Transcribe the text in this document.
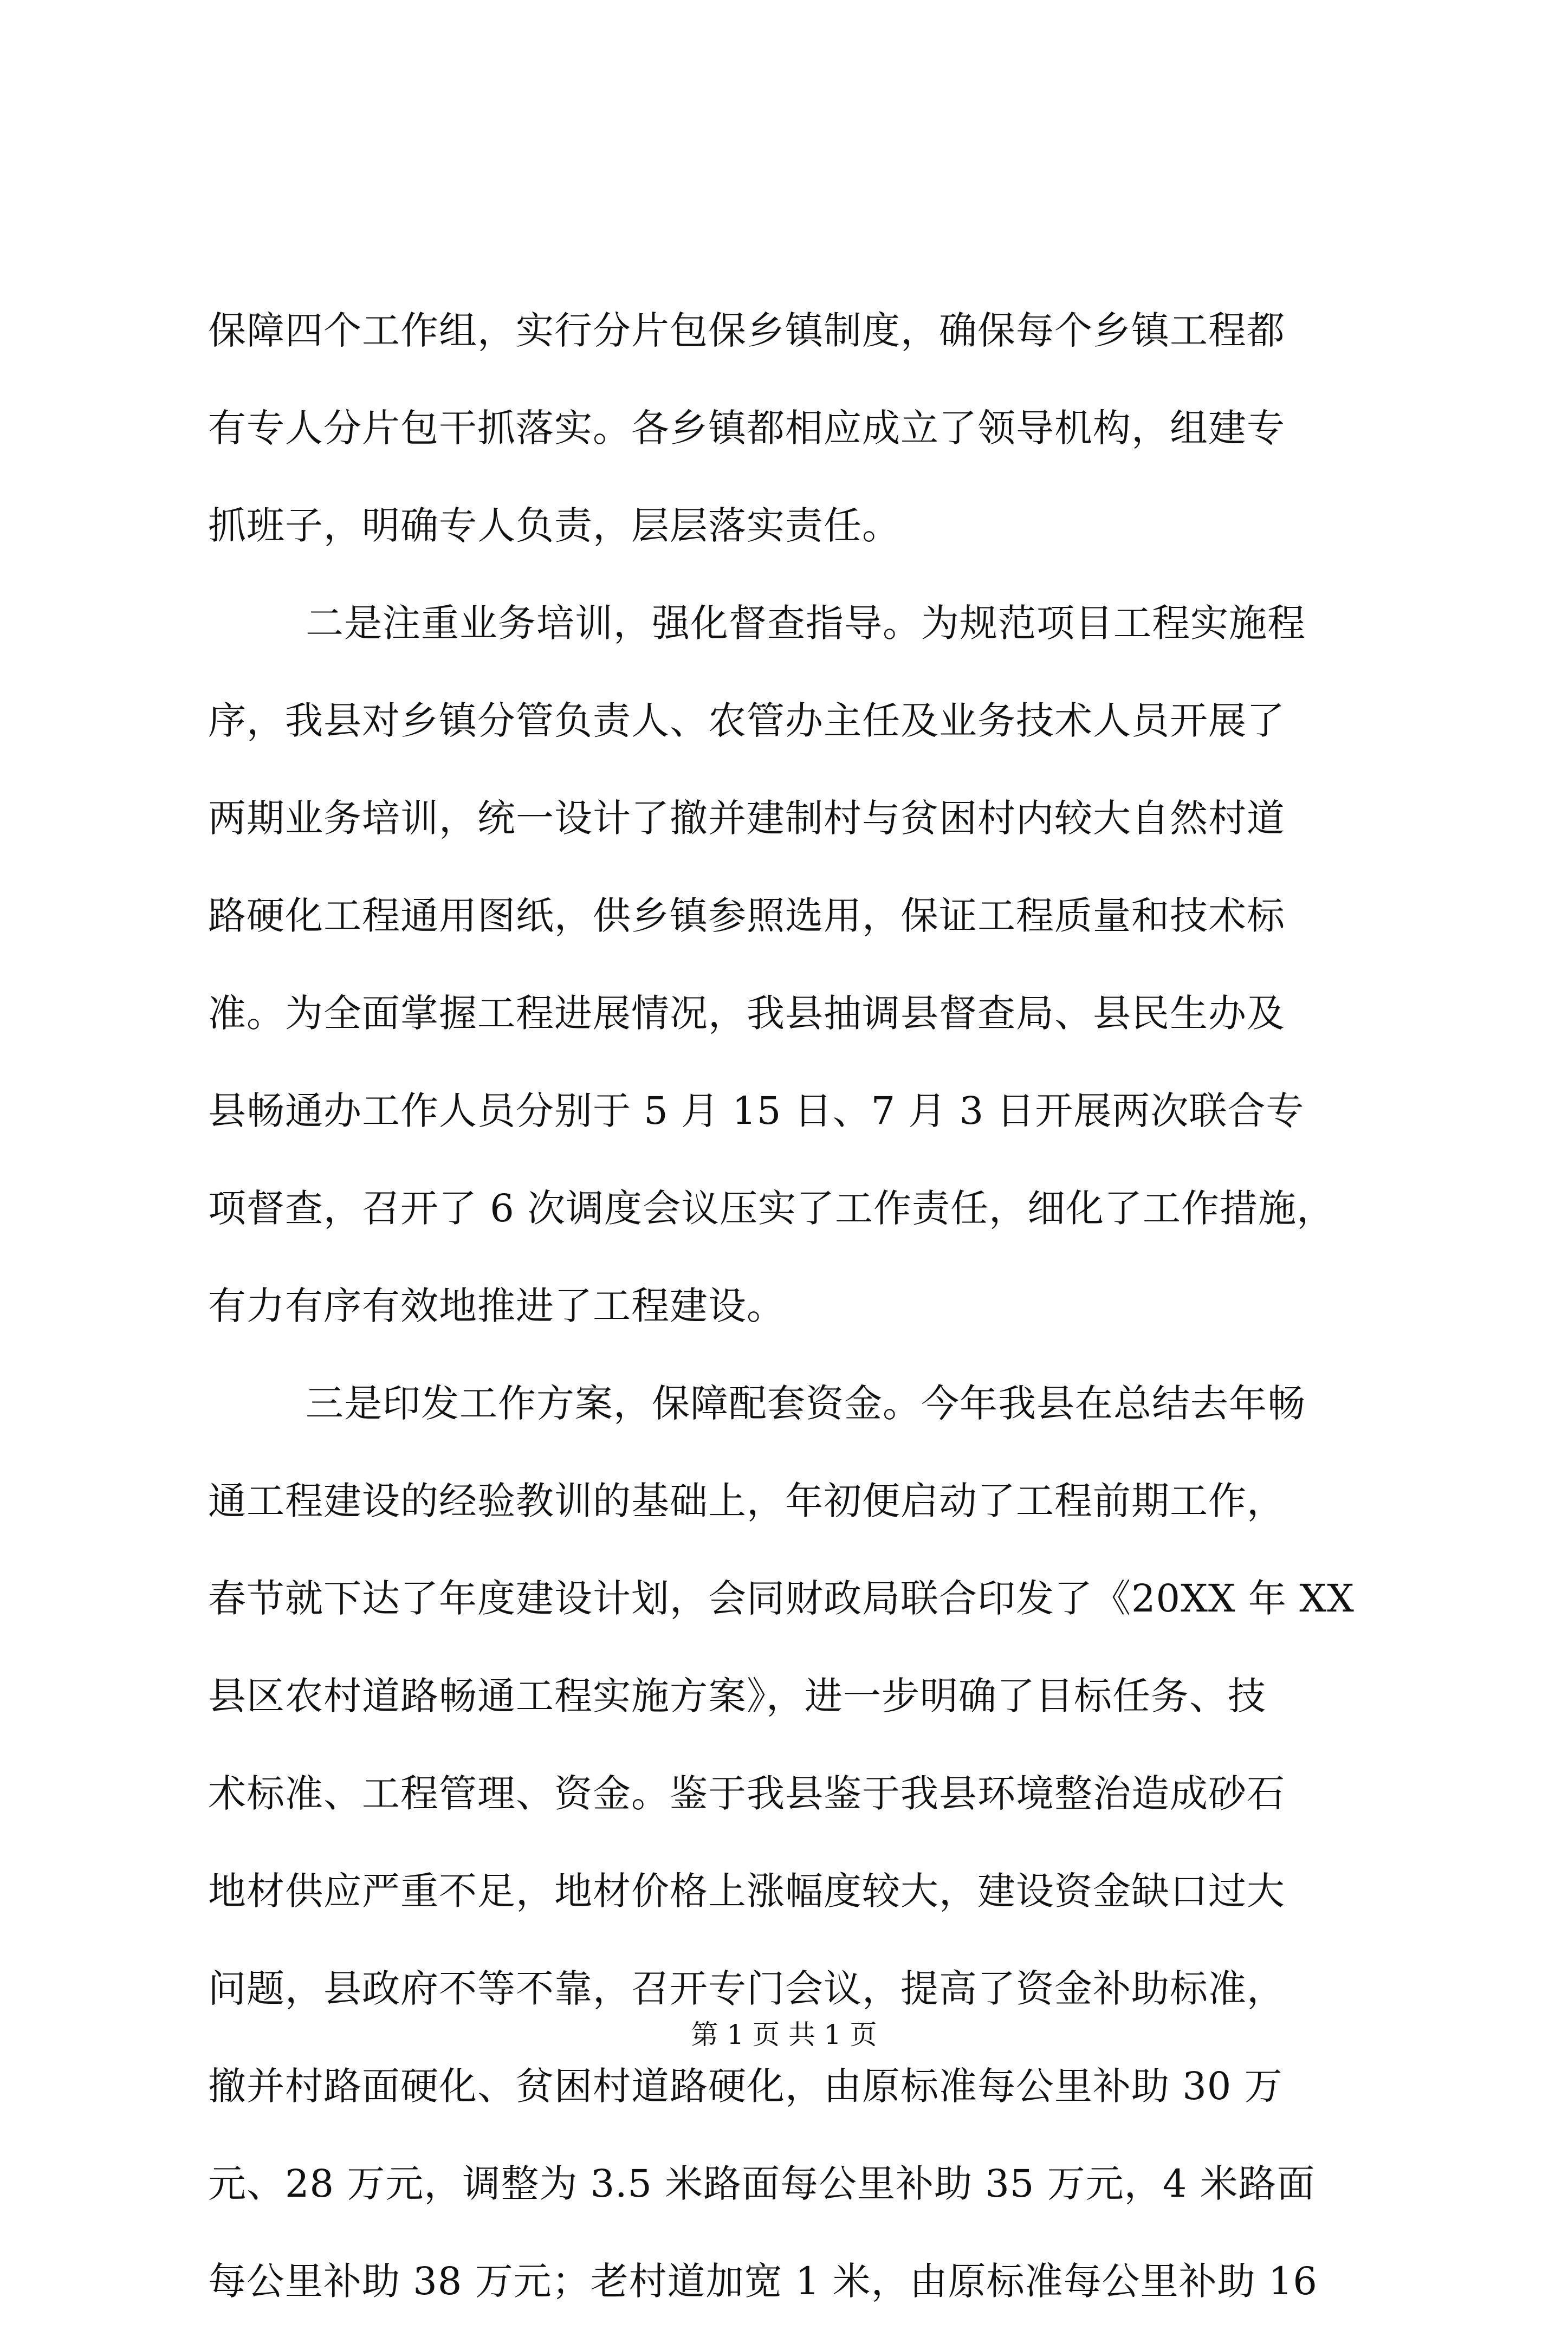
保障四个工作组，实行分片包保乡镇制度，确保每个乡镇工程都
有专人分片包干抓落实。各乡镇都相应成立了领导机构，组建专
抓班子，明确专人负责，层层落实责任。
二是注重业务培训，强化督查指导。为规范项目工程实施程
序，我县对乡镇分管负责人、农管办主任及业务技术人员开展了
两期业务培训，统一设计了撤并建制村与贫困村内较大自然村道
路硬化工程通用图纸，供乡镇参照选用，保证工程质量和技术标
准。为全面掌握工程进展情况，我县抽调县督查局、县民生办及
县畅通办工作人员分别于 5 月 15 日、7 月 3 日开展两次联合专
项督查，召开了 6 次调度会议压实了工作责任，细化了工作措施，
有力有序有效地推进了工程建设。
三是印发工作方案，保障配套资金。今年我县在总结去年畅
通工程建设的经验教训的基础上，年初便启动了工程前期工作，
春节就下达了年度建设计划，会同财政局联合印发了《20XX 年 XX
县区农村道路畅通工程实施方案》，进一步明确了目标任务、技
术标准、工程管理、资金。鉴于我县鉴于我县环境整治造成砂石
地材供应严重不足，地材价格上涨幅度较大，建设资金缺口过大
问题，县政府不等不靠，召开专门会议，提高了资金补助标准，
撤并村路面硬化、贫困村道路硬化，由原标准每公里补助 30 万
元、28 万元，调整为 3.5 米路面每公里补助 35 万元，4 米路面
每公里补助 38 万元；老村道加宽 1 米，由原标准每公里补助 16
第 1 页 共 1 页
